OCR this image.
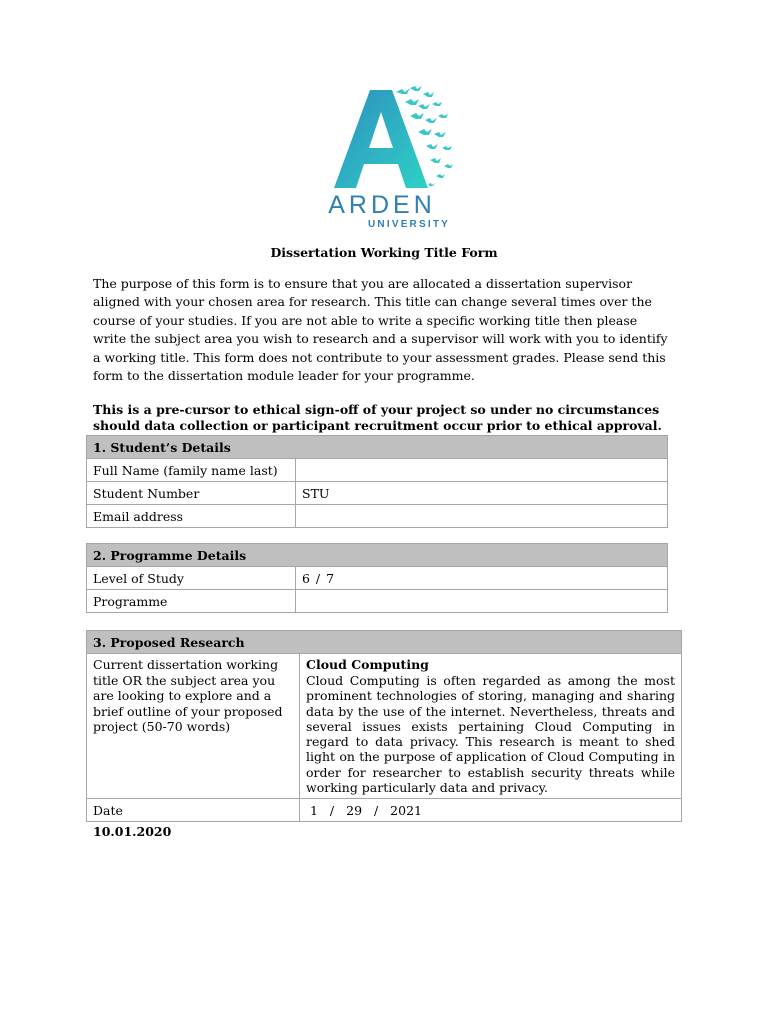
ARDEN
UNIVERSITY
Dissertation Working Title Form
The purpose of this form is to ensure that you are allocated a dissertation supervisor aligned with your chosen area for research. This title can change several times over the course of your studies. If you are not able to write a specific working title then please write the subject area you wish to research and a supervisor will work with you to identify a working title. This form does not contribute to your assessment grades. Please send this form to the dissertation module leader for your programme.
This is a pre-cursor to ethical sign-off of your project so under no circumstances should data collection or participant recruitment occur prior to ethical approval.
1. Student’s Details	
Full Name (family name last)	
Student Number	STU
Email address	
2. Programme Details	
Level of Study	6 / 7
Programme	
3. Proposed Research	
Current dissertation working title OR the subject area you are looking to explore and a brief outline of your proposed project (50-70 words)	Cloud Computing
Cloud Computing is often regarded as among the most prominent technologies of storing, managing and sharing data by the use of the internet. Nevertheless, threats and several issues exists pertaining Cloud Computing in regard to data privacy. This research is meant to shed light on the purpose of application of Cloud Computing in order for researcher to establish security threats while working particularly data and privacy.

Date	1 / 29 / 2021
10.01.2020
